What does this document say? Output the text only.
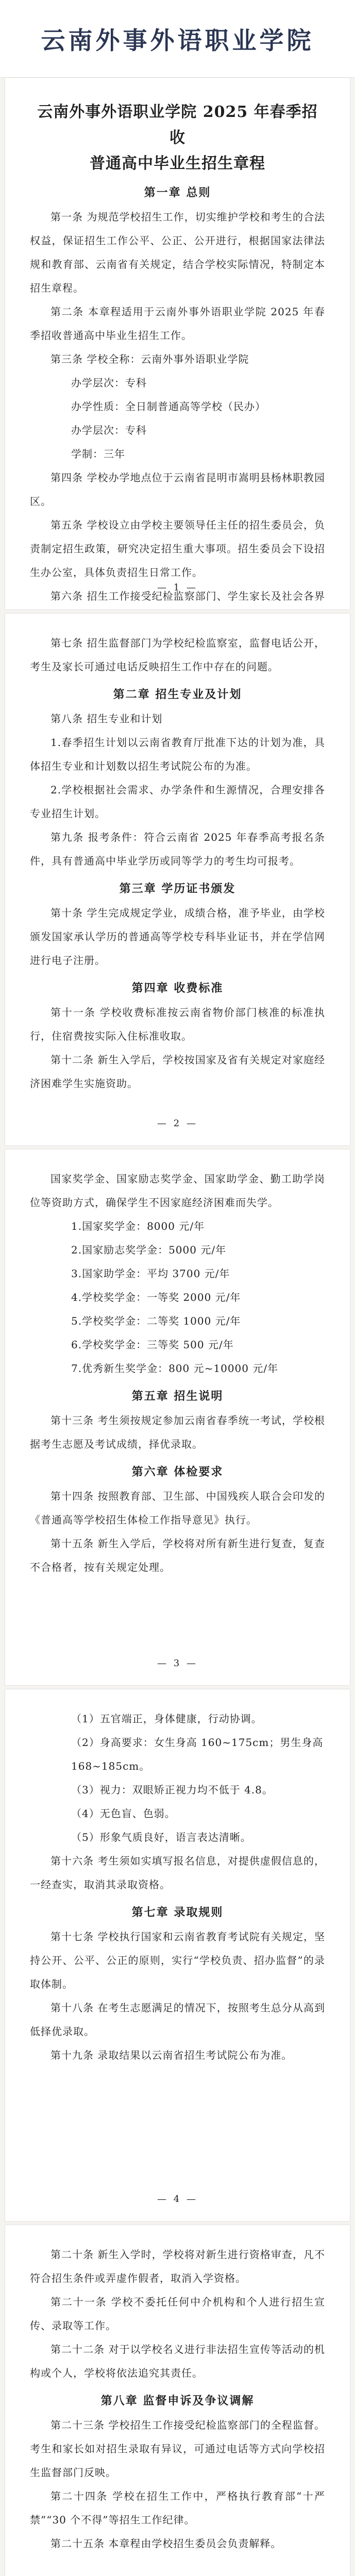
云南外事外语职业学院
云南外事外语职业学院 2025 年春季招收
普通高中毕业生招生章程
第一章 总则

第一条 为规范学校招生工作，切实维护学校和考生的合法权益，保证招生工作公平、公正、公开进行，根据国家法律法规和教育部、云南省有关规定，结合学校实际情况，特制定本招生章程。

第二条 本章程适用于云南外事外语职业学院 2025 年春季招收普通高中毕业生招生工作。

第三条 学校全称：云南外事外语职业学院

办学层次：专科

办学性质：全日制普通高等学校（民办）

办学层次：专科

学制：三年

第四条 学校办学地点位于云南省昆明市嵩明县杨林职教园区。

第五条 学校设立由学校主要领导任主任的招生委员会，负责制定招生政策，研究决定招生重大事项。招生委员会下设招生办公室，具体负责招生日常工作。

第六条 招生工作接受纪检监察部门、学生家长及社会各界

— 1 —

第七条 招生监督部门为学校纪检监察室，监督电话公开，考生及家长可通过电话反映招生工作中存在的问题。

第二章 招生专业及计划

第八条 招生专业和计划

1.春季招生计划以云南省教育厅批准下达的计划为准，具体招生专业和计划数以招生考试院公布的为准。

2.学校根据社会需求、办学条件和生源情况，合理安排各专业招生计划。

第九条 报考条件：符合云南省 2025 年春季高考报名条件，具有普通高中毕业学历或同等学力的考生均可报考。

第三章 学历证书颁发

第十条 学生完成规定学业，成绩合格，准予毕业，由学校颁发国家承认学历的普通高等学校专科毕业证书，并在学信网进行电子注册。

第四章 收费标准

第十一条 学校收费标准按云南省物价部门核准的标准执行，住宿费按实际入住标准收取。

第十二条 新生入学后，学校按国家及省有关规定对家庭经济困难学生实施资助。

— 2 —

国家奖学金、国家励志奖学金、国家助学金、勤工助学岗位等资助方式，确保学生不因家庭经济困难而失学。

1.国家奖学金：8000 元/年

2.国家励志奖学金：5000 元/年

3.国家助学金：平均 3700 元/年

4.学校奖学金：一等奖 2000 元/年

5.学校奖学金：二等奖 1000 元/年

6.学校奖学金：三等奖 500 元/年

7.优秀新生奖学金：800 元~10000 元/年

第五章 招生说明

第十三条 考生须按规定参加云南省春季统一考试，学校根据考生志愿及考试成绩，择优录取。

第六章 体检要求

第十四条 按照教育部、卫生部、中国残疾人联合会印发的《普通高等学校招生体检工作指导意见》执行。

第十五条 新生入学后，学校将对所有新生进行复查，复查不合格者，按有关规定处理。

— 3 —

（1）五官端正，身体健康，行动协调。

（2）身高要求：女生身高 160~175cm；男生身高 168~185cm。

（3）视力：双眼矫正视力均不低于 4.8。

（4）无色盲、色弱。

（5）形象气质良好，语言表达清晰。

第十六条 考生须如实填写报名信息，对提供虚假信息的，一经查实，取消其录取资格。

第七章 录取规则

第十七条 学校执行国家和云南省教育考试院有关规定，坚持公开、公平、公正的原则，实行“学校负责、招办监督”的录取体制。

第十八条 在考生志愿满足的情况下，按照考生总分从高到低择优录取。

第十九条 录取结果以云南省招生考试院公布为准。

— 4 —

第二十条 新生入学时，学校将对新生进行资格审查，凡不符合招生条件或弄虚作假者，取消入学资格。

第二十一条 学校不委托任何中介机构和个人进行招生宣传、录取等工作。

第二十二条 对于以学校名义进行非法招生宣传等活动的机构或个人，学校将依法追究其责任。

第八章 监督申诉及争议调解

第二十三条 学校招生工作接受纪检监察部门的全程监督。考生和家长如对招生录取有异议，可通过电话等方式向学校招生监督部门反映。

第二十四条 学校在招生工作中，严格执行教育部“十严禁”“30 个不得”等招生工作纪律。

第二十五条 本章程由学校招生委员会负责解释。
